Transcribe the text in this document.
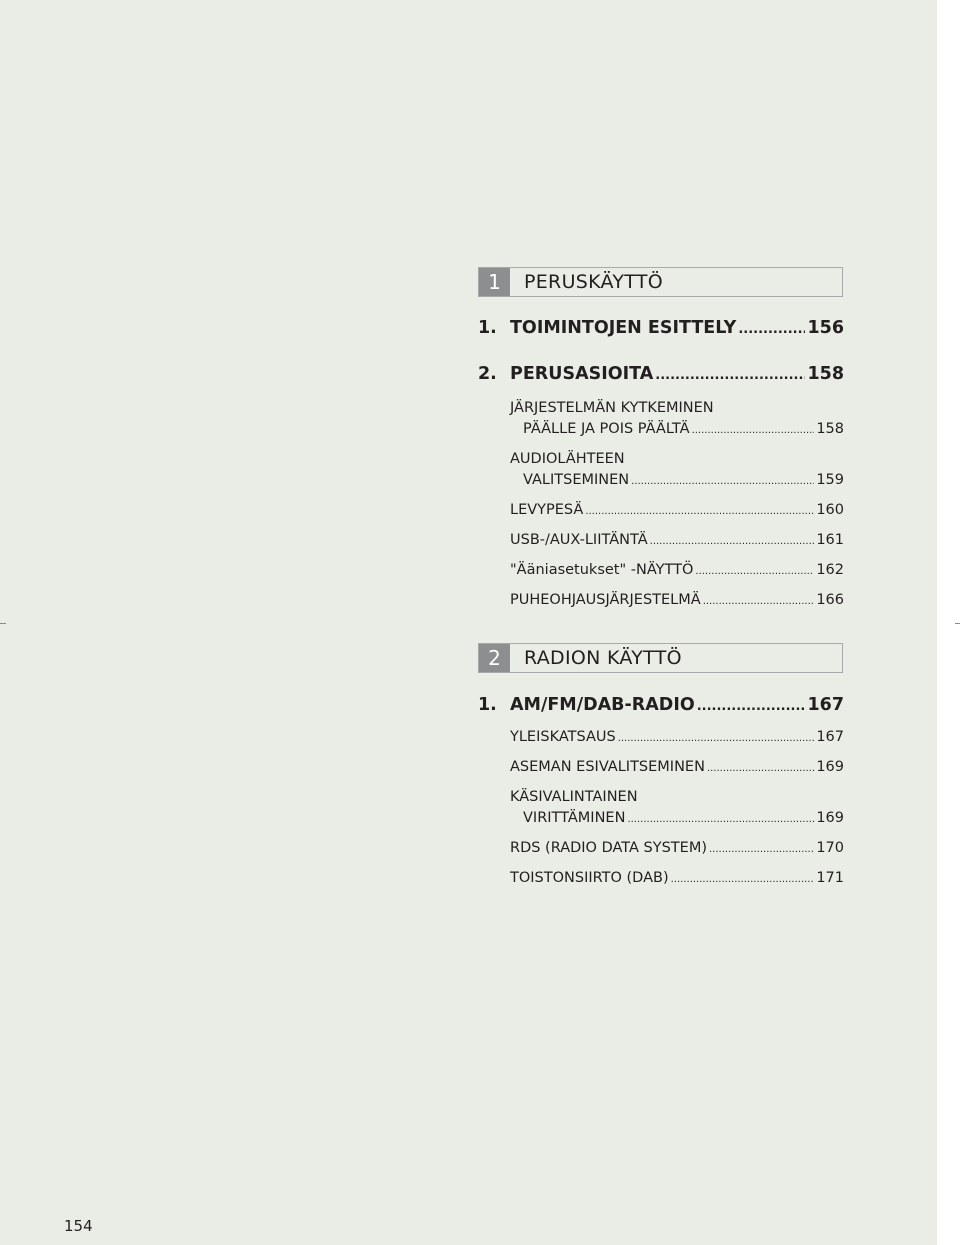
1	PERUSKÄYTTÖ
1. TOIMINTOJEN ESITTELY .....	156
2. PERUSASIOITA .....	158
JÄRJESTELMÄN KYTKEMINEN
PÄÄLLE JA POIS PÄÄLTÄ .....	158
AUDIOLÄHTEEN
VALITSEMINEN .....	159
LEVYPESÄ .....	160
USB-/AUX-LIITÄNTÄ .....	161
"Ääniasetukset" -NÄYTTÖ .....	162
PUHEOHJAUSJÄRJESTELMÄ .....	166
2	RADION KÄYTTÖ
1. AM/FM/DAB-RADIO .....	167
YLEISKATSAUS .....	167
ASEMAN ESIVALITSEMINEN .....	169
KÄSIVALINTAINEN
VIRITTÄMINEN .....	169
RDS (RADIO DATA SYSTEM) .....	170
TOISTONSIIRTO (DAB) .....	171
154
